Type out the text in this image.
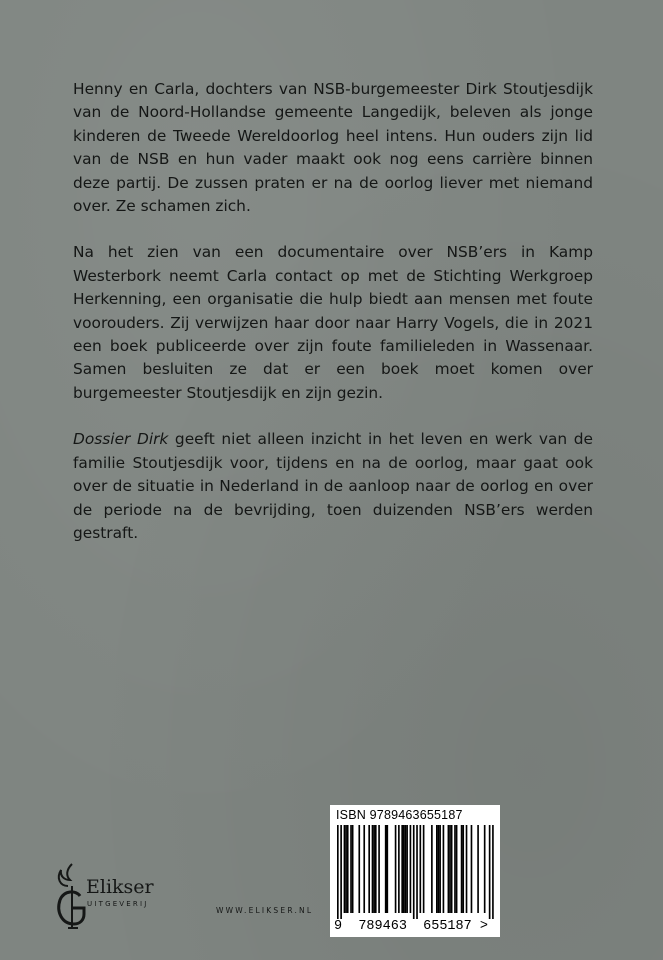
Henny en Carla, dochters van NSB-burgemeester Dirk Stoutjesdijk van de Noord-Hollandse gemeente Langedijk, beleven als jonge kinderen de Tweede Wereldoorlog heel intens. Hun ouders zijn lid van de NSB en hun vader maakt ook nog eens carrière binnen deze partij. De zussen praten er na de oorlog liever met niemand over. Ze schamen zich.

Na het zien van een documentaire over NSB’ers in Kamp Westerbork neemt Carla contact op met de Stichting Werkgroep Herkenning, een organisatie die hulp biedt aan mensen met foute voorouders. Zij verwijzen haar door naar Harry Vogels, die in 2021 een boek publiceerde over zijn foute familieleden in Wassenaar. Samen besluiten ze dat er een boek moet komen over burgemeester Stoutjesdijk en zijn gezin.

Dossier Dirk geeft niet alleen inzicht in het leven en werk van de familie Stoutjesdijk voor, tijdens en na de oorlog, maar gaat ook over de situatie in Nederland in de aanloop naar de oorlog en over de periode na de bevrijding, toen duizenden NSB’ers werden gestraft.

ISBN 9789463655187
9 789463 655187 >
Elikser
UITGEVERIJ
WWW.ELIKSER.NL
